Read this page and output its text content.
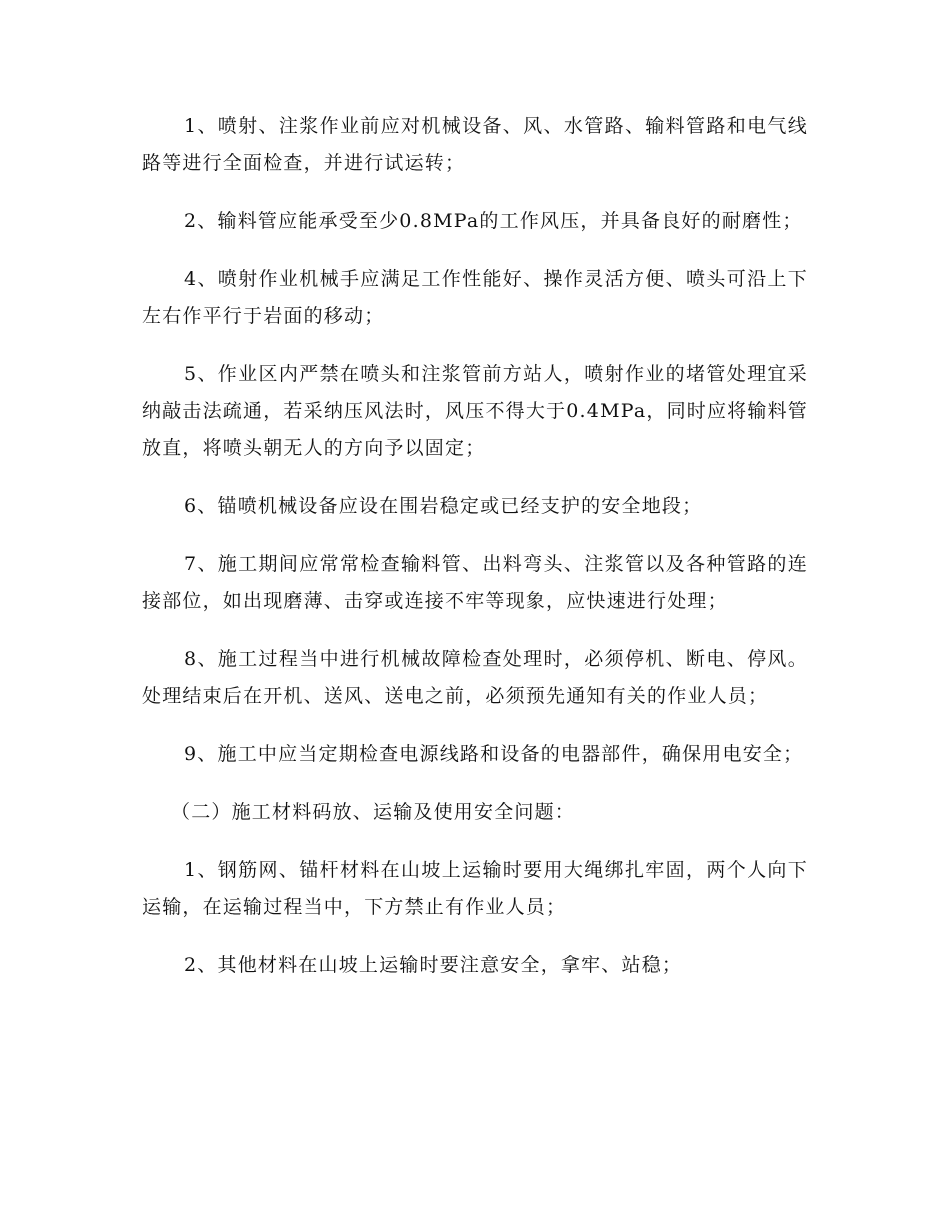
1、喷射、注浆作业前应对机械设备、风、水管路、输料管路和电气线路等进行全面检查，并进行试运转；

2、输料管应能承受至少0.8MPa的工作风压，并具备良好的耐磨性；

4、喷射作业机械手应满足工作性能好、操作灵活方便、喷头可沿上下左右作平行于岩面的移动；

5、作业区内严禁在喷头和注浆管前方站人，喷射作业的堵管处理宜采纳敲击法疏通，若采纳压风法时，风压不得大于0.4MPa，同时应将输料管放直，将喷头朝无人的方向予以固定；

6、锚喷机械设备应设在围岩稳定或已经支护的安全地段；

7、施工期间应常常检查输料管、出料弯头、注浆管以及各种管路的连接部位，如出现磨薄、击穿或连接不牢等现象，应快速进行处理；

8、施工过程当中进行机械故障检查处理时，必须停机、断电、停风。处理结束后在开机、送风、送电之前，必须预先通知有关的作业人员；

9、施工中应当定期检查电源线路和设备的电器部件，确保用电安全；

（二）施工材料码放、运输及使用安全问题：

1、钢筋网、锚杆材料在山坡上运输时要用大绳绑扎牢固，两个人向下运输，在运输过程当中，下方禁止有作业人员；

2、其他材料在山坡上运输时要注意安全，拿牢、站稳；
